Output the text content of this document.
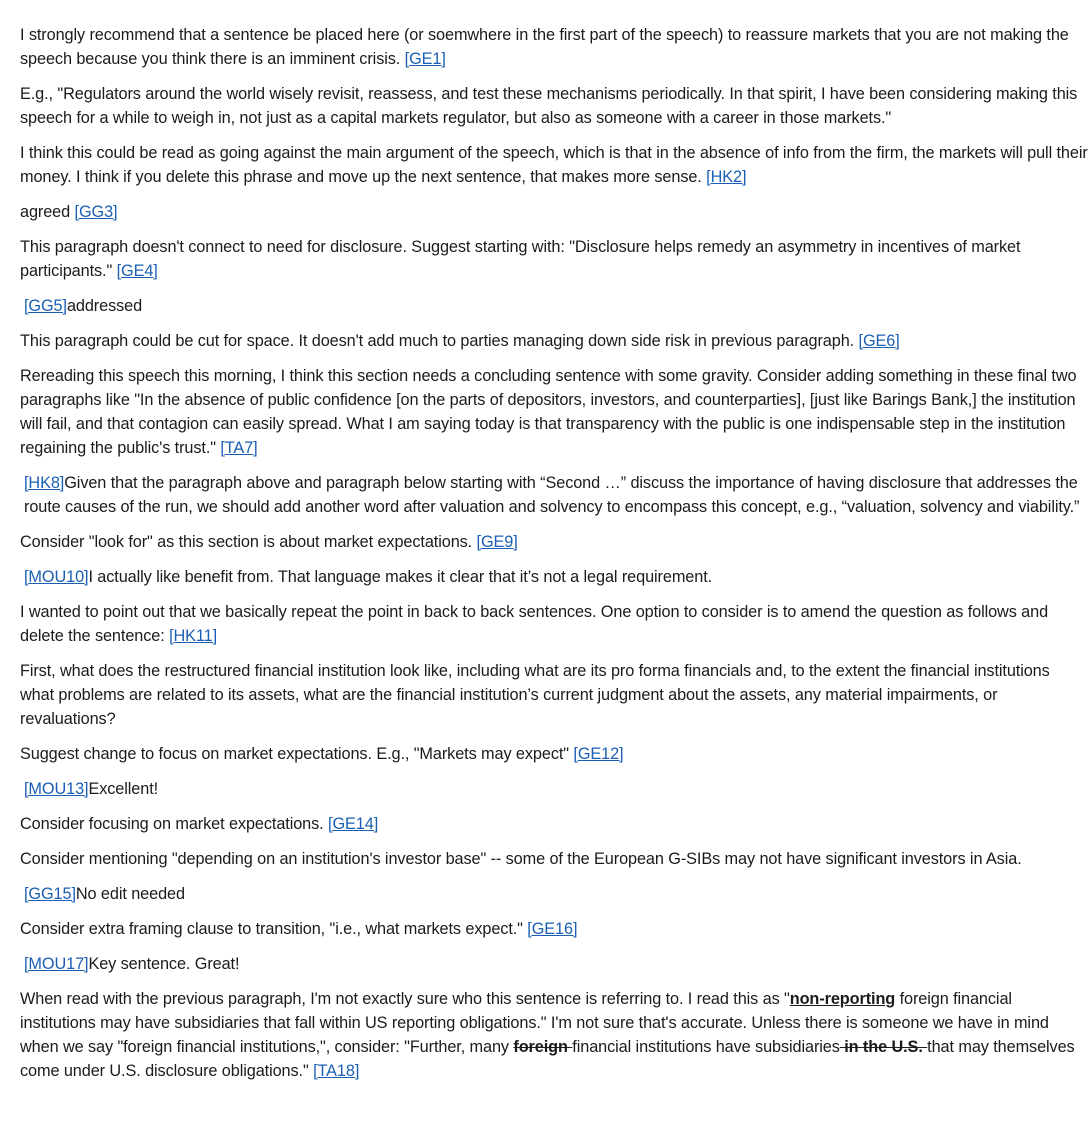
I strongly recommend that a sentence be placed here (or soemwhere in the first part of the speech) to reassure markets that you are not making the speech because you think there is an imminent crisis. [GE1]

E.g., "Regulators around the world wisely revisit, reassess, and test these mechanisms periodically. In that spirit, I have been considering making this speech for a while to weigh in, not just as a capital markets regulator, but also as someone with a career in those markets."

I think this could be read as going against the main argument of the speech, which is that in the absence of info from the firm, the markets will pull their money. I think if you delete this phrase and move up the next sentence, that makes more sense. [HK2]

agreed [GG3]

This paragraph doesn't connect to need for disclosure. Suggest starting with: "Disclosure helps remedy an asymmetry in incentives of market participants." [GE4]

[GG5]addressed

This paragraph could be cut for space. It doesn't add much to parties managing down side risk in previous paragraph. [GE6]

Rereading this speech this morning, I think this section needs a concluding sentence with some gravity. Consider adding something in these final two paragraphs like "In the absence of public confidence [on the parts of depositors, investors, and counterparties], [just like Barings Bank,] the institution will fail, and that contagion can easily spread. What I am saying today is that transparency with the public is one indispensable step in the institution regaining the public's trust." [TA7]

[HK8]Given that the paragraph above and paragraph below starting with “Second …” discuss the importance of having disclosure that addresses the route causes of the run, we should add another word after valuation and solvency to encompass this concept, e.g., “valuation, solvency and viability.”

Consider "look for" as this section is about market expectations. [GE9]

[MOU10]I actually like benefit from. That language makes it clear that it’s not a legal requirement.

I wanted to point out that we basically repeat the point in back to back sentences. One option to consider is to amend the question as follows and delete the sentence: [HK11]

First, what does the restructured financial institution look like, including what are its pro forma financials and, to the extent the financial institutions what problems are related to its assets, what are the financial institution’s current judgment about the assets, any material impairments, or revaluations?

Suggest change to focus on market expectations. E.g., "Markets may expect" [GE12]

[MOU13]Excellent!

Consider focusing on market expectations. [GE14]

Consider mentioning "depending on an institution's investor base" -- some of the European G-SIBs may not have significant investors in Asia.

[GG15]No edit needed

Consider extra framing clause to transition, "i.e., what markets expect." [GE16]

[MOU17]Key sentence. Great!

When read with the previous paragraph, I'm not exactly sure who this sentence is referring to. I read this as "non-reporting foreign financial institutions may have subsidiaries that fall within US reporting obligations." I'm not sure that's accurate. Unless there is someone we have in mind when we say "foreign financial institutions,", consider: "Further, many foreign financial institutions have subsidiaries in the U.S. that may themselves come under U.S. disclosure obligations." [TA18]
